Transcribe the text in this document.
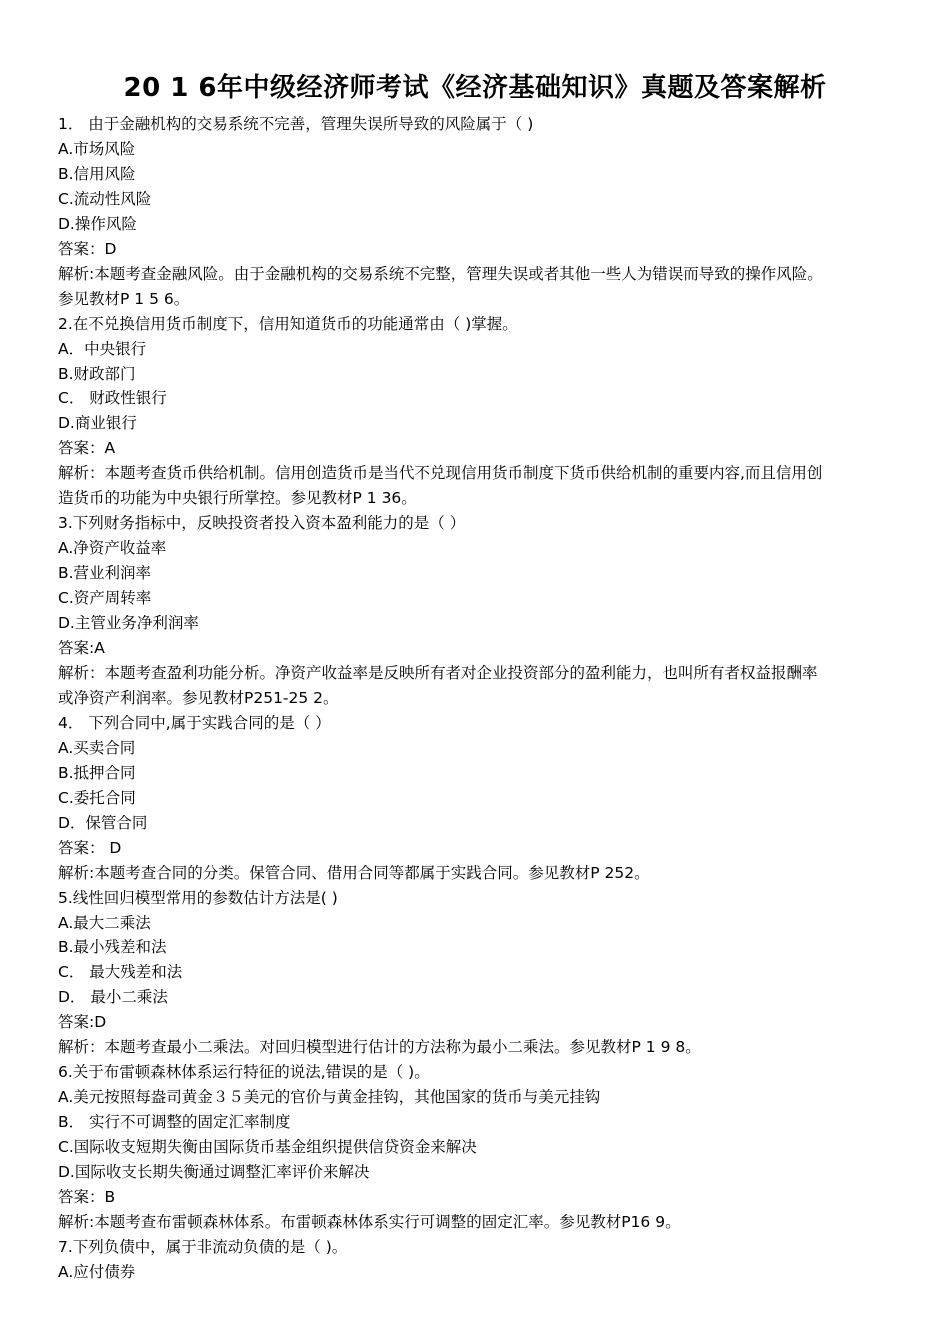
20 1 6年中级经济师考试《经济基础知识》真题及答案解析
1． 由于金融机构的交易系统不完善，管理失误所导致的风险属于（ )
A.市场风险
B.信用风险
C.流动性风险
D.操作风险
答案：D
解析:本题考查金融风险。由于金融机构的交易系统不完整，管理失误或者其他一些人为错误而导致的操作风险。
参见教材P 1 5 6。
2.在不兑换信用货币制度下，信用知道货币的功能通常由（ )掌握。
A．中央银行
B.财政部门
C． 财政性银行
D.商业银行
答案：A
解析：本题考查货币供给机制。信用创造货币是当代不兑现信用货币制度下货币供给机制的重要内容,而且信用创
造货币的功能为中央银行所掌控。参见教材P 1 36。
3.下列财务指标中，反映投资者投入资本盈利能力的是（ ）
A.净资产收益率
B.营业利润率
C.资产周转率
D.主管业务净利润率
答案:A
解析：本题考查盈利功能分析。净资产收益率是反映所有者对企业投资部分的盈利能力，也叫所有者权益报酬率
或净资产利润率。参见教材P251-25 2。
4． 下列合同中,属于实践合同的是（ ）
A.买卖合同
B.抵押合同
C.委托合同
D．保管合同
答案： D
解析:本题考查合同的分类。保管合同、借用合同等都属于实践合同。参见教材P 252。
5.线性回归模型常用的参数估计方法是( )
A.最大二乘法
B.最小残差和法
C． 最大残差和法
D． 最小二乘法
答案:D
解析：本题考查最小二乘法。对回归模型进行估计的方法称为最小二乘法。参见教材P 1 9 8。
6.关于布雷顿森林体系运行特征的说法,错误的是（ )。
A.美元按照每盎司黄金３５美元的官价与黄金挂钩，其他国家的货币与美元挂钩
B． 实行不可调整的固定汇率制度
C.国际收支短期失衡由国际货币基金组织提供信贷资金来解决
D.国际收支长期失衡通过调整汇率评价来解决
答案：B
解析:本题考查布雷顿森林体系。布雷顿森林体系实行可调整的固定汇率。参见教材P16 9。
7.下列负债中，属于非流动负债的是（ )。
A.应付债券
